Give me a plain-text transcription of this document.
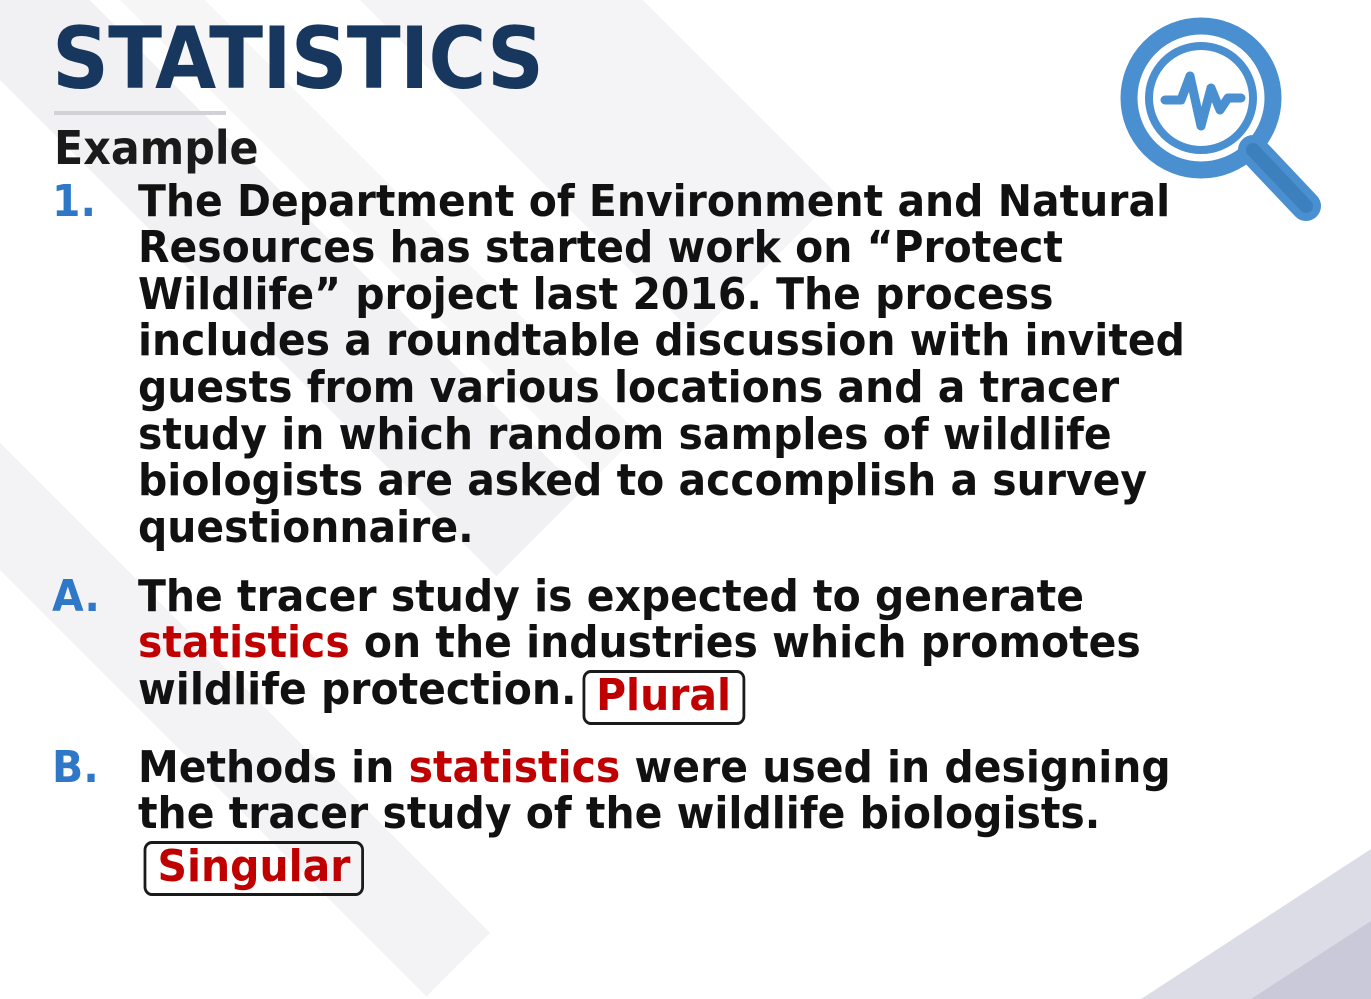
STATISTICS
Example
1. The Department of Environment and Natural Resources has started work on “Protect Wildlife” project last 2016. The process includes a roundtable discussion with invited guests from various locations and a tracer study in which random samples of wildlife biologists are asked to accomplish a survey questionnaire.
A. The tracer study is expected to generate statistics on the industries which promotes wildlife protection. Plural
B. Methods in statistics were used in designing the tracer study of the wildlife biologists.Singular
